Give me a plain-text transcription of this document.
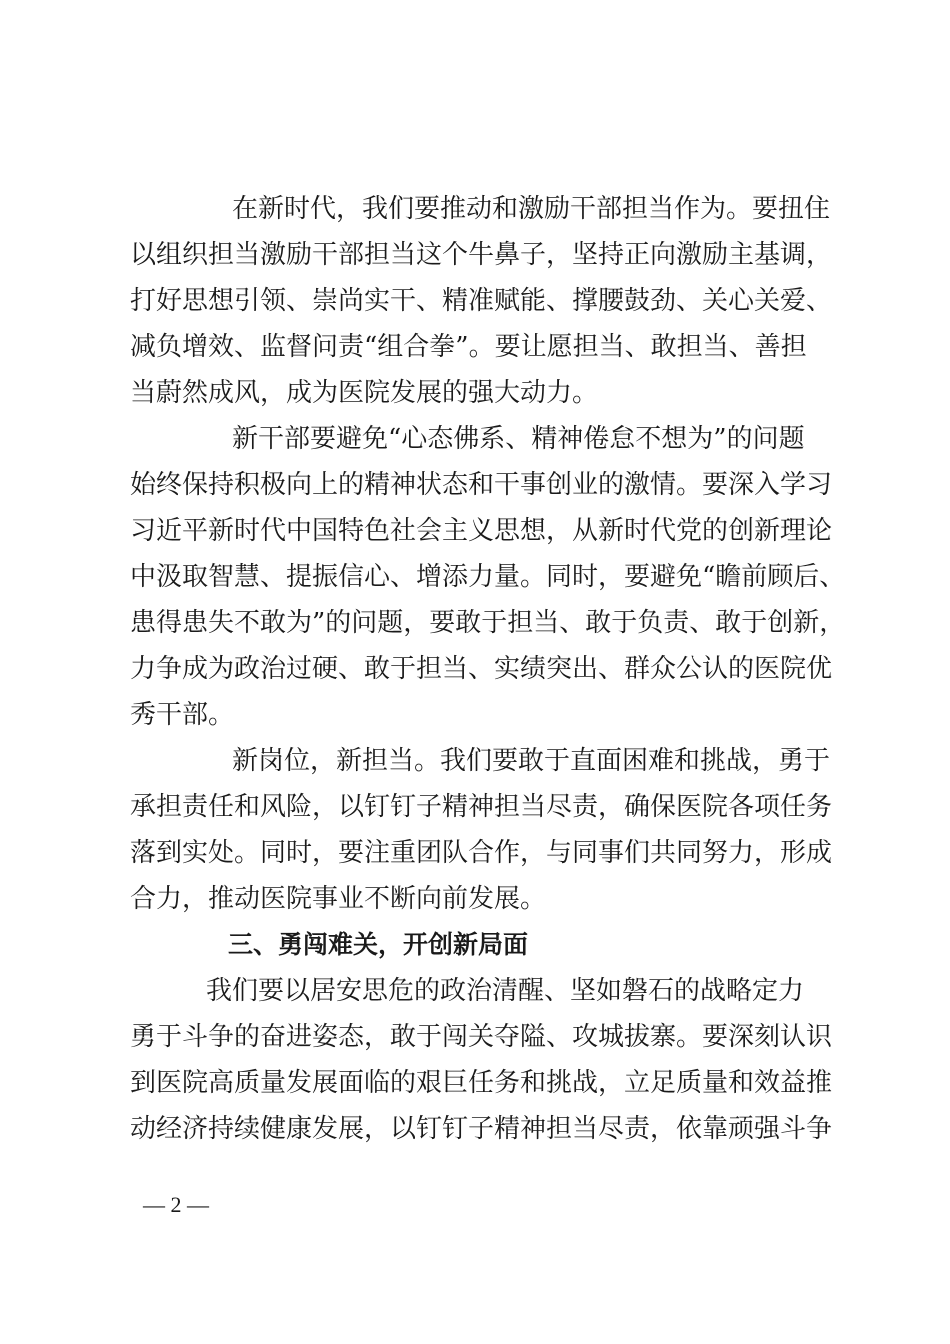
在新时代，我们要推动和激励干部担当作为。要扭住
以组织担当激励干部担当这个牛鼻子，坚持正向激励主基调，
打好思想引领、崇尚实干、精准赋能、撑腰鼓劲、关心关爱、
减负增效、监督问责“组合拳”。要让愿担当、敢担当、善担
当蔚然成风，成为医院发展的强大动力。
新干部要避免“心态佛系、精神倦怠不想为”的问题
始终保持积极向上的精神状态和干事创业的激情。要深入学习
习近平新时代中国特色社会主义思想，从新时代党的创新理论
中汲取智慧、提振信心、增添力量。同时，要避免“瞻前顾后、
患得患失不敢为”的问题，要敢于担当、敢于负责、敢于创新，
力争成为政治过硬、敢于担当、实绩突出、群众公认的医院优
秀干部。
新岗位，新担当。我们要敢于直面困难和挑战，勇于
承担责任和风险，以钉钉子精神担当尽责，确保医院各项任务
落到实处。同时，要注重团队合作，与同事们共同努力，形成
合力，推动医院事业不断向前发展。
三、勇闯难关，开创新局面
我们要以居安思危的政治清醒、坚如磐石的战略定力
勇于斗争的奋进姿态，敢于闯关夺隘、攻城拔寨。要深刻认识
到医院高质量发展面临的艰巨任务和挑战，立足质量和效益推
动经济持续健康发展，以钉钉子精神担当尽责，依靠顽强斗争
— 2 —
